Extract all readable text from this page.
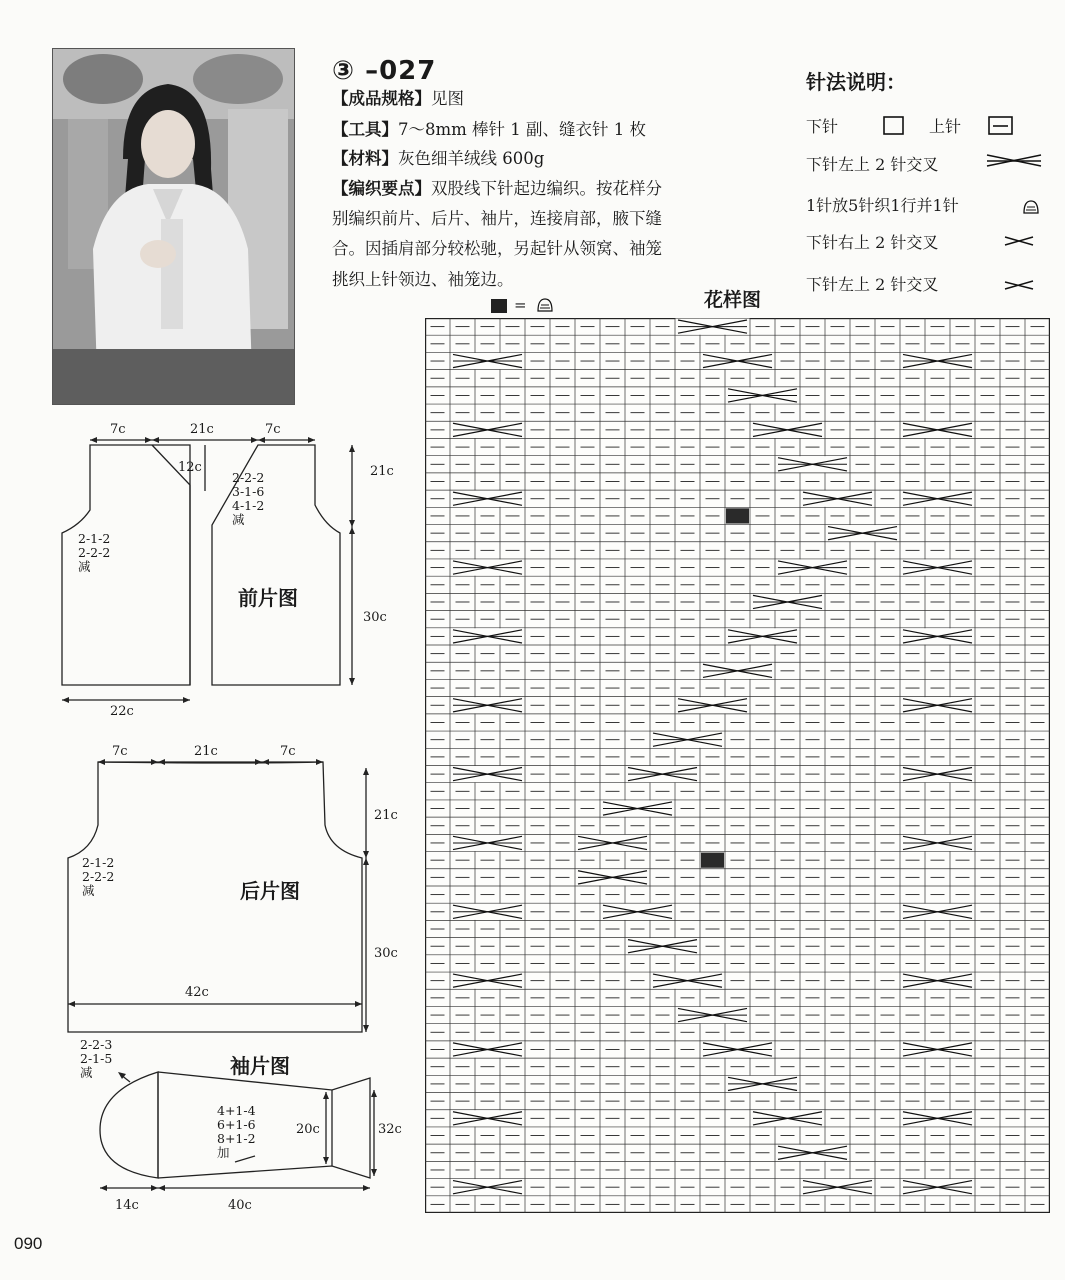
③ –027
【成品规格】见图
【工具】7～8mm 棒针 1 副、缝衣针 1 枚
【材料】灰色细羊绒线 600g
【编织要点】双股线下针起边编织。按花样分
别编织前片、后片、袖片，连接肩部，腋下缝
合。因插肩部分较松驰，另起针从领窝、袖笼
挑织上针领边、袖笼边。
针法说明：
下针	上针
下针左上 2 针交叉
1针放5针织1行并1针
下针右上 2 针交叉
下针左上 2 针交叉
花样图
=
7c	21c	7c
12c	21c
30c
22c
2-2-2
3-1-6
4-1-2
减
2-1-2
2-2-2
减
前片图
7c	21c	7c
21c
30c
42c
2-1-2
2-2-2
减	后片图
2-2-3
2-1-5
减	袖片图
4+1-4
6+1-6
8+1-2
加
20c	32c
14c	40c
090
